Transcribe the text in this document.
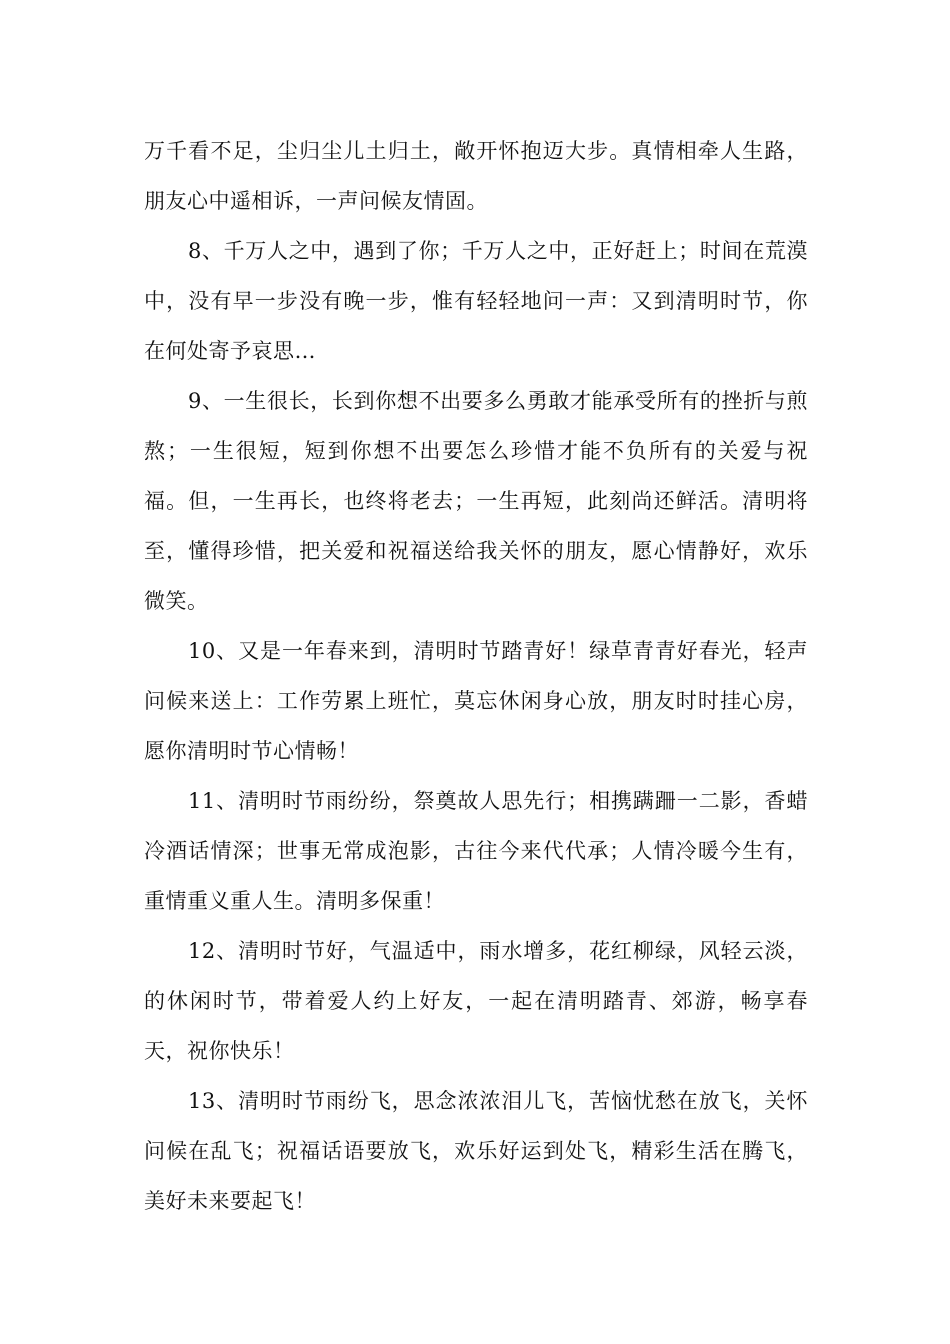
万千看不足，尘归尘儿土归土，敞开怀抱迈大步。真情相牵人生路，朋友心中遥相诉，一声问候友情固。

8、千万人之中，遇到了你；千万人之中，正好赶上；时间在荒漠中，没有早一步没有晚一步，惟有轻轻地问一声：又到清明时节，你在何处寄予哀思…

9、一生很长，长到你想不出要多么勇敢才能承受所有的挫折与煎熬；一生很短，短到你想不出要怎么珍惜才能不负所有的关爱与祝福。但，一生再长，也终将老去；一生再短，此刻尚还鲜活。清明将至，懂得珍惜，把关爱和祝福送给我关怀的朋友，愿心情静好，欢乐微笑。

10、又是一年春来到，清明时节踏青好！绿草青青好春光，轻声问候来送上：工作劳累上班忙，莫忘休闲身心放，朋友时时挂心房，愿你清明时节心情畅！

11、清明时节雨纷纷，祭奠故人思先行；相携蹒跚一二影，香蜡冷酒话情深；世事无常成泡影，古往今来代代承；人情冷暖今生有，重情重义重人生。清明多保重！

12、清明时节好，气温适中，雨水增多，花红柳绿，风轻云淡，的休闲时节，带着爱人约上好友，一起在清明踏青、郊游，畅享春天，祝你快乐！

13、清明时节雨纷飞，思念浓浓泪儿飞，苦恼忧愁在放飞，关怀问候在乱飞；祝福话语要放飞，欢乐好运到处飞，精彩生活在腾飞，美好未来要起飞！
